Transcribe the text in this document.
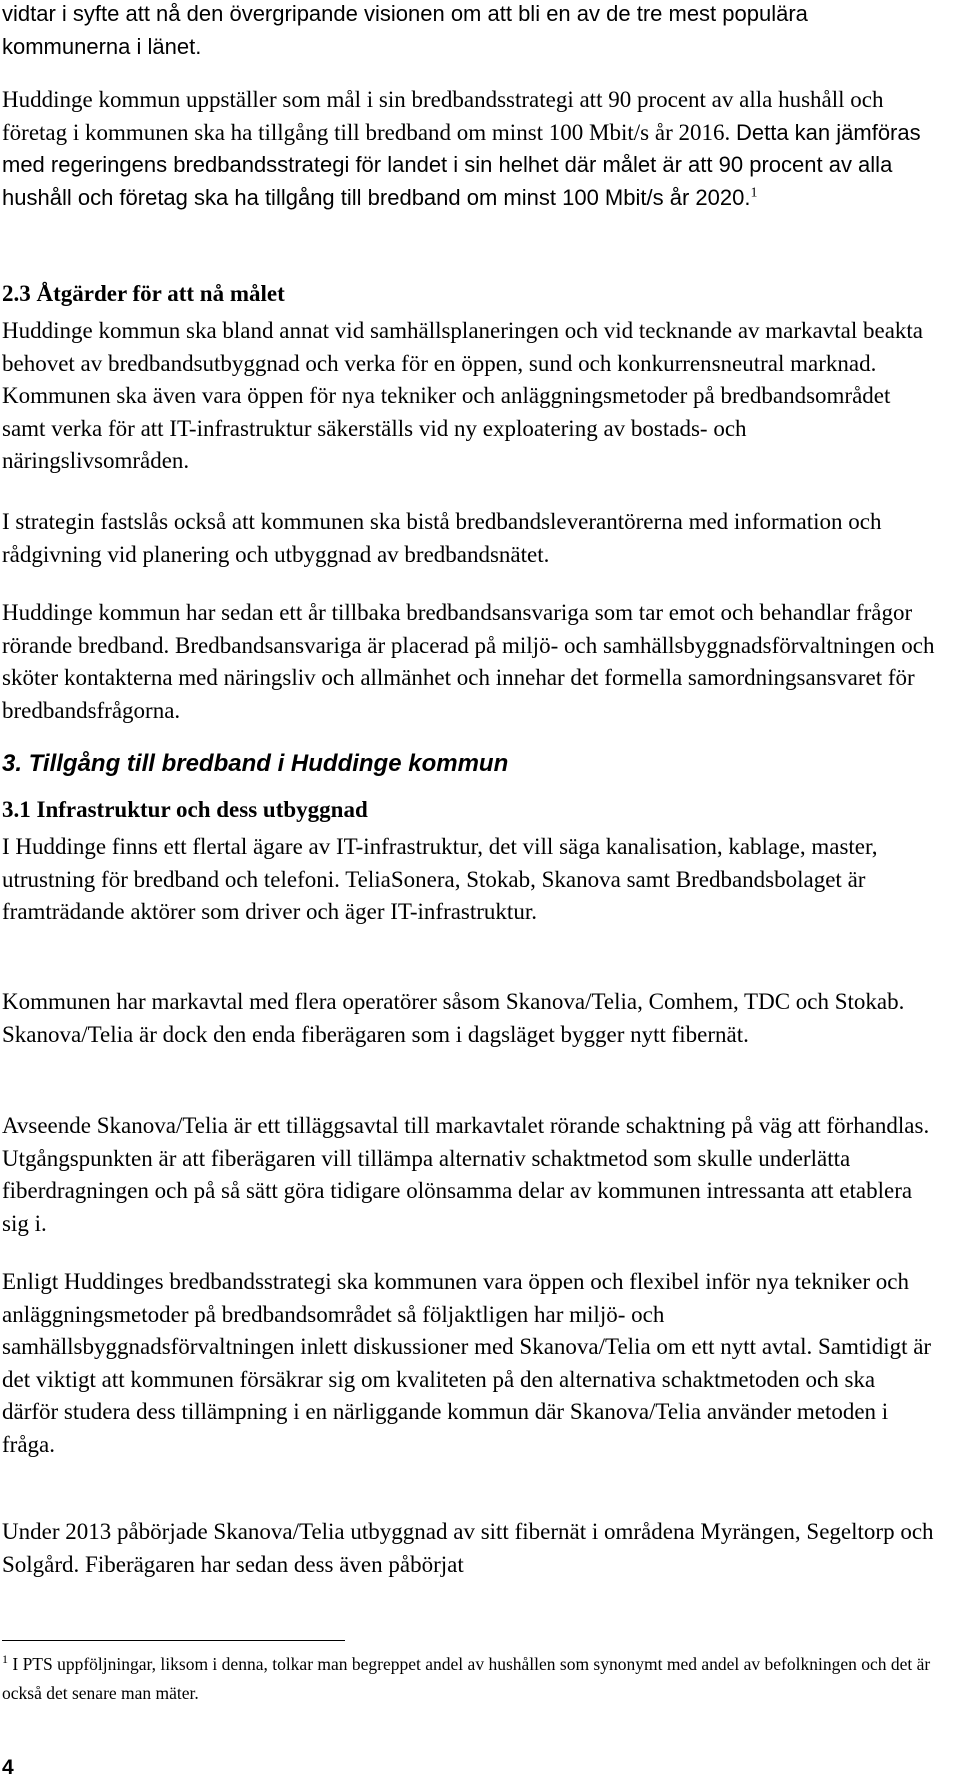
vidtar i syfte att nå den övergripande visionen om att bli en av de tre mest populära kommunerna i länet.

Huddinge kommun uppställer som mål i sin bredbandsstrategi att 90 procent av alla hushåll och företag i kommunen ska ha tillgång till bredband om minst 100 Mbit/s år 2016. Detta kan jämföras med regeringens bredbandsstrategi för landet i sin helhet där målet är att 90 procent av alla hushåll och företag ska ha tillgång till bredband om minst 100 Mbit/s år 2020.$^1$

2.3 Åtgärder för att nå målet

Huddinge kommun ska bland annat vid samhällsplaneringen och vid tecknande av markavtal beakta behovet av bredbandsutbyggnad och verka för en öppen, sund och konkurrensneutral marknad. Kommunen ska även vara öppen för nya tekniker och anläggningsmetoder på bredbandsområdet samt verka för att IT-infrastruktur säkerställs vid ny exploatering av bostads- och näringslivsområden.

I strategin fastslås också att kommunen ska bistå bredbandsleverantörerna med information och rådgivning vid planering och utbyggnad av bredbandsnätet.

Huddinge kommun har sedan ett år tillbaka bredbandsansvariga som tar emot och behandlar frågor rörande bredband. Bredbandsansvariga är placerad på miljö- och samhällsbyggnadsförvaltningen och sköter kontakterna med näringsliv och allmänhet och innehar det formella samordningsansvaret för bredbandsfrågorna.

3. Tillgång till bredband i Huddinge kommun
3.1 Infrastruktur och dess utbyggnad

I Huddinge finns ett flertal ägare av IT-infrastruktur, det vill säga kanalisation, kablage, master, utrustning för bredband och telefoni. TeliaSonera, Stokab, Skanova samt Bredbandsbolaget är framträdande aktörer som driver och äger IT-infrastruktur.

Kommunen har markavtal med flera operatörer såsom Skanova/Telia, Comhem, TDC och Stokab. Skanova/Telia är dock den enda fiberägaren som i dagsläget bygger nytt fibernät.

Avseende Skanova/Telia är ett tilläggsavtal till markavtalet rörande schaktning på väg att förhandlas. Utgångspunkten är att fiberägaren vill tillämpa alternativ schaktmetod som skulle underlätta fiberdragningen och på så sätt göra tidigare olönsamma delar av kommunen intressanta att etablera sig i.

Enligt Huddinges bredbandsstrategi ska kommunen vara öppen och flexibel inför nya tekniker och anläggningsmetoder på bredbandsområdet så följaktligen har miljö- och samhällsbyggnadsförvaltningen inlett diskussioner med Skanova/Telia om ett nytt avtal. Samtidigt är det viktigt att kommunen försäkrar sig om kvaliteten på den alternativa schaktmetoden och ska därför studera dess tillämpning i en närliggande kommun där Skanova/Telia använder metoden i fråga.

Under 2013 påbörjade Skanova/Telia utbyggnad av sitt fibernät i områdena Myrängen, Segeltorp och Solgård. Fiberägaren har sedan dess även påbörjat

$^1$ I PTS uppföljningar, liksom i denna, tolkar man begreppet andel av hushållen som synonymt med andel av befolkningen och det är också det senare man mäter.

4
